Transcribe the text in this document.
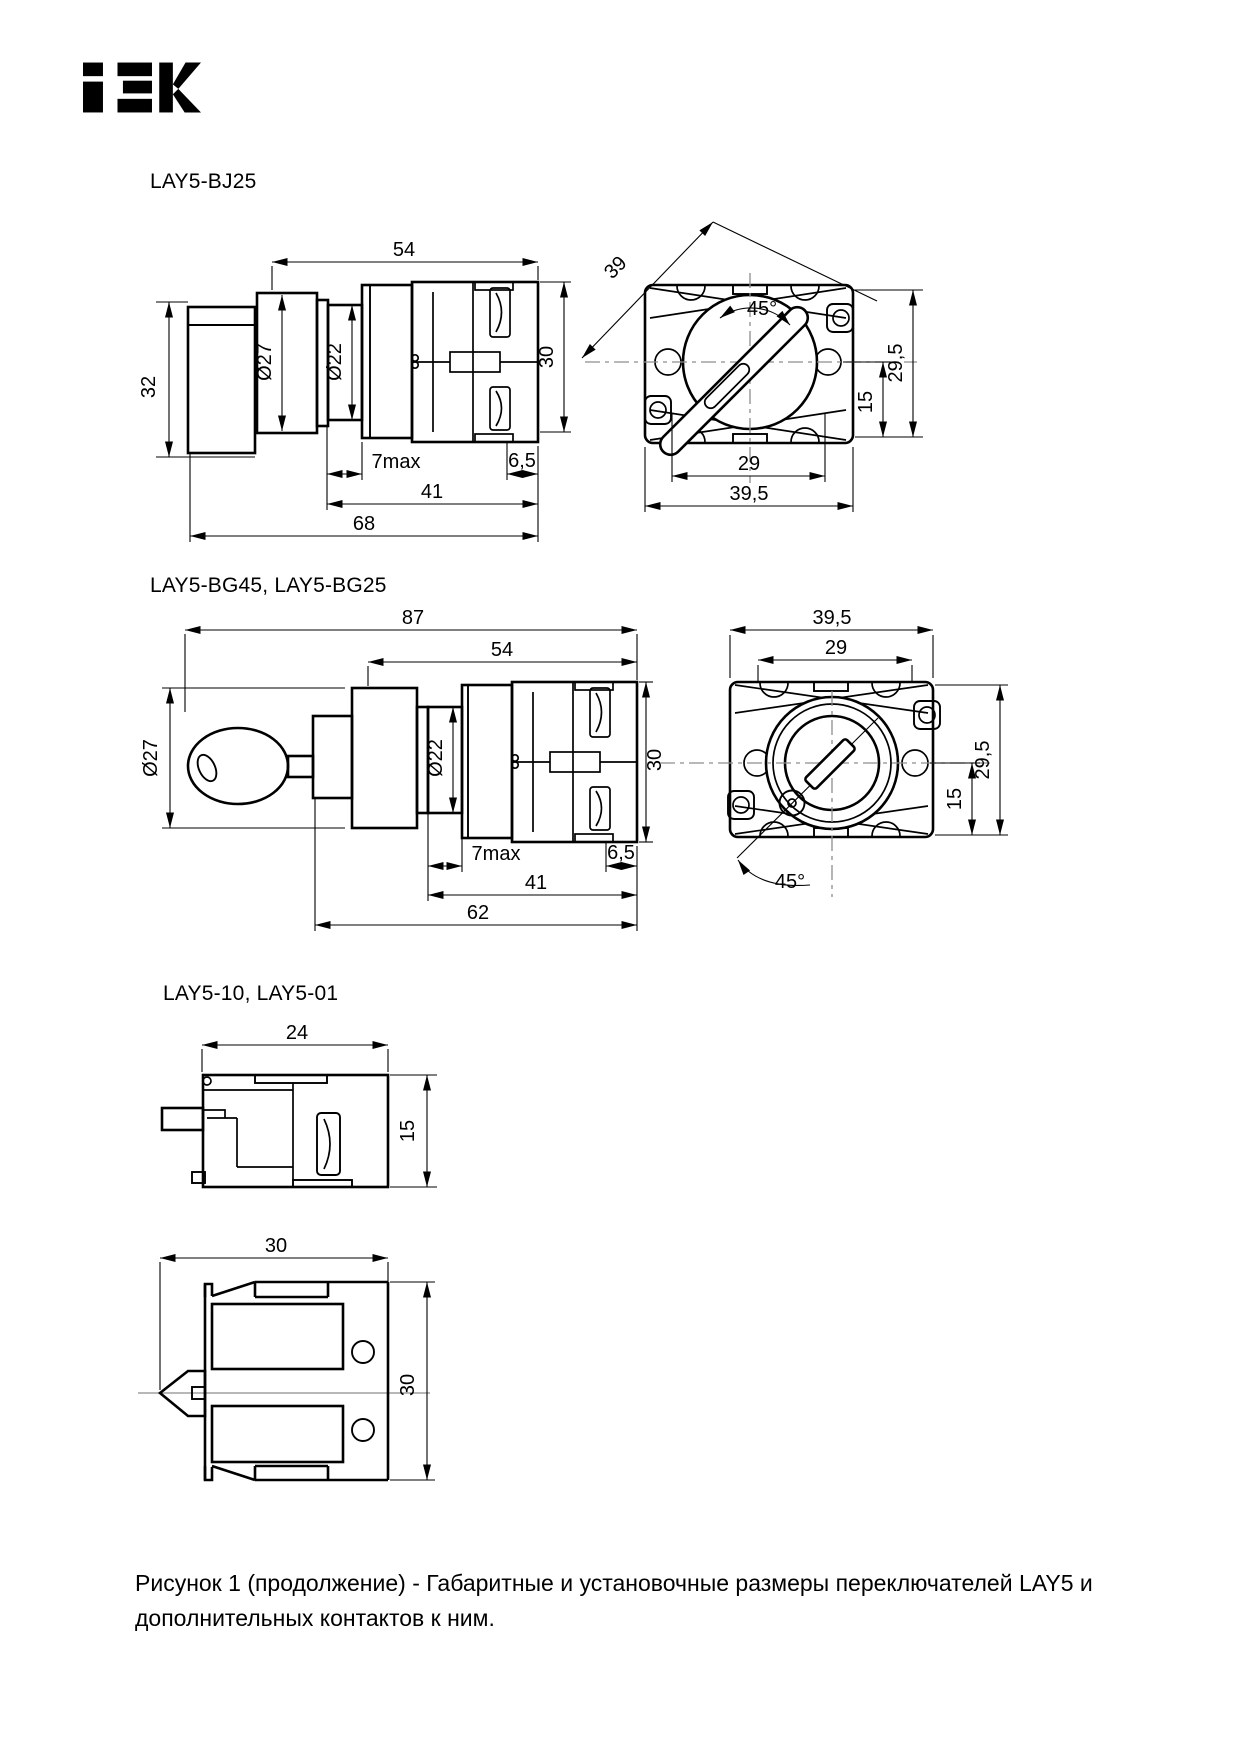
LAY5-BJ25
LAY5-BG45, LAY5-BG25
LAY5-10, LAY5-01
32
54
Ø27 Ø22	30
7max	6,5
41
68
39
45°
29,5
15
29
39,5
87
54
Ø27	Ø22	30
7max	6,5
41
62
39,5
29
45°
29,5
15
24
15
30
30
Рисунок 1 (продолжение) - Габаритные и установочные размеры переключателей LAY5 и
дополнительных контактов к ним.
